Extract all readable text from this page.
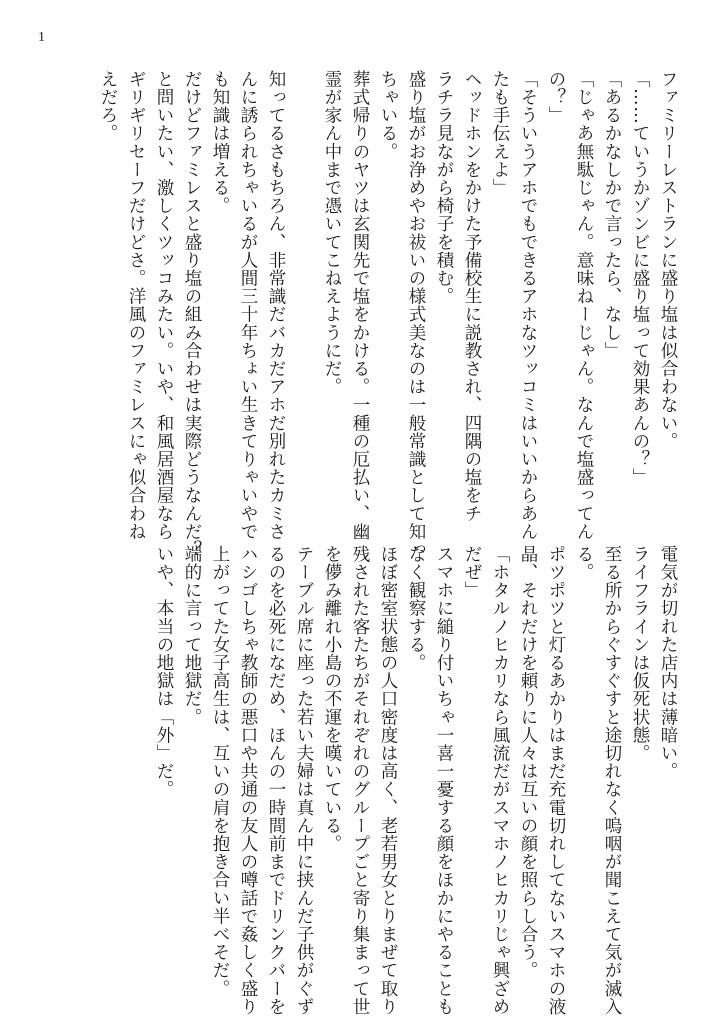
1
ファミリーレストランに盛り塩は似合わない。
「……ていうかゾンビに盛り塩って効果あんの？」
「あるかなしかで言ったら、なし」
「じゃあ無駄じゃん。意味ねーじゃん。なんで塩盛ってん
の？」
「そういうアホでもできるアホなツッコミはいいからあん
たも手伝えよ」
ヘッドホンをかけた予備校生に説教され、四隅の塩をチ
ラチラ見ながら椅子を積む。
盛り塩がお浄めやお祓いの様式美なのは一般常識として知っ
ちゃいる。
葬式帰りのヤツは玄関先で塩をかける。一種の厄払い、幽
霊が家ん中まで憑いてこねえようにだ。

知ってるさもちろん、非常識だバカだアホだ別れたカミさ
んに誘られちゃいるが人間三十年ちょい生きてりゃいやで
も知識は増える。
だけどファミレスと盛り塩の組み合わせは実際どうなんだ？
と問いたい、激しくツッコみたい。いや、和風居酒屋なら
ギリギリセーフだけどさ。洋風のファミレスにゃ似合わね
えだろ。
電気が切れた店内は薄暗い。
ライフラインは仮死状態。
至る所からぐすぐすと途切れなく嗚咽が聞こえて気が滅入
る。
ポツポツと灯るあかりはまだ充電切れしてないスマホの液
晶、それだけを頼りに人々は互いの顔を照らし合う。
「ホタルノヒカリなら風流だがスマホノヒカリじゃ興ざめ
だぜ」
スマホに縋り付いちゃ一喜一憂する顔をほかにやることも
なく観察する。
ほぼ密室状態の人口密度は高く、老若男女とりまぜて取り
残された客たちがそれぞれのグループごと寄り集まって世
を儚み離れ小島の不運を嘆いている。
テーブル席に座った若い夫婦は真ん中に挟んだ子供がぐず
るのを必死になだめ、ほんの一時間前までドリンクバーを
ハシゴしちゃ教師の悪口や共通の友人の噂話で姦しく盛り
上がってた女子高生は、互いの肩を抱き合い半べそだ。
端的に言って地獄だ。
いや、本当の地獄は「外」だ。
